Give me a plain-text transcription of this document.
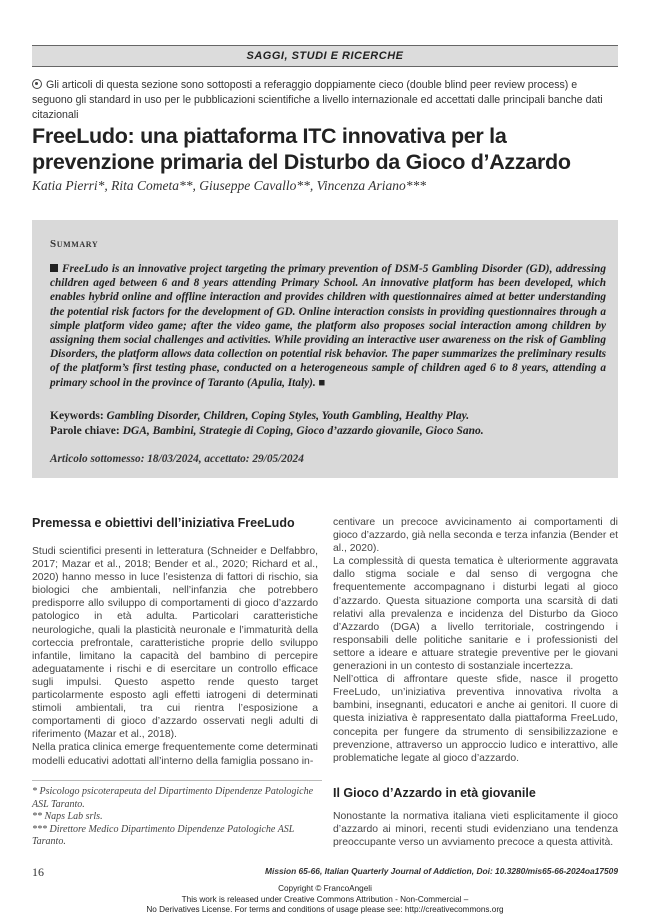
SAGGI, STUDI E RICERCHE
Gli articoli di questa sezione sono sottoposti a referaggio doppiamente cieco (double blind peer review process) e seguono gli standard in uso per le pubblicazioni scientifiche a livello internazionale ed accettati dalle principali banche dati citazionali
FreeLudo: una piattaforma ITC innovativa per la prevenzione primaria del Disturbo da Gioco d’Azzardo
Katia Pierri*, Rita Cometa**, Giuseppe Cavallo**, Vincenza Ariano***
Summary
FreeLudo is an innovative project targeting the primary prevention of DSM-5 Gambling Disorder (GD), addressing children aged between 6 and 8 years attending Primary School. An innovative platform has been developed, which enables hybrid online and offline interaction and provides children with questionnaires aimed at better understanding the potential risk factors for the development of GD. Online interaction consists in providing questionnaires through a simple platform video game; after the video game, the platform also proposes social interaction among children by assigning them social challenges and activities. While providing an interactive user awareness on the risk of Gambling Disorders, the platform allows data collection on potential risk behavior. The paper summarizes the preliminary results of the platform’s first testing phase, conducted on a heterogeneous sample of children aged 6 to 8 years, attending a primary school in the province of Taranto (Apulia, Italy). ■
Keywords: Gambling Disorder, Children, Coping Styles, Youth Gambling, Healthy Play.
Parole chiave: DGA, Bambini, Strategie di Coping, Gioco d’azzardo giovanile, Gioco Sano.
Articolo sottomesso: 18/03/2024, accettato: 29/05/2024
Premessa e obiettivi dell’iniziativa FreeLudo

Studi scientifici presenti in letteratura (Schneider e Delfabbro, 2017; Mazar et al., 2018; Bender et al., 2020; Richard et al., 2020) hanno messo in luce l’esistenza di fattori di rischio, sia biologici che ambientali, nell’infanzia che potrebbero predisporre allo sviluppo di comportamenti di gioco d’azzardo patologico in età adulta. Particolari caratteristiche neurologiche, quali la plasticità neuronale e l’immaturità della corteccia prefrontale, caratteristiche proprie dello sviluppo infantile, limitano la capacità del bambino di percepire adeguatamente i rischi e di esercitare un controllo efficace sugli impulsi. Questo aspetto rende questo target particolarmente esposto agli effetti iatrogeni di determinati stimoli ambientali, tra cui rientra l’esposizione a comportamenti di gioco d’azzardo osservati negli adulti di riferimento (Mazar et al., 2018).

Nella pratica clinica emerge frequentemente come determinati modelli educativi adottati all’interno della famiglia possano in-

* Psicologo psicoterapeuta del Dipartimento Dipendenze Patologiche ASL Taranto.
** Naps Lab srls.
*** Direttore Medico Dipartimento Dipendenze Patologiche ASL Taranto.

centivare un precoce avvicinamento ai comportamenti di gioco d’azzardo, già nella seconda e terza infanzia (Bender et al., 2020).

La complessità di questa tematica è ulteriormente aggravata dallo stigma sociale e dal senso di vergogna che frequentemente accompagnano i disturbi legati al gioco d’azzardo. Questa situazione comporta una scarsità di dati relativi alla prevalenza e incidenza del Disturbo da Gioco d’Azzardo (DGA) a livello territoriale, costringendo i responsabili delle politiche sanitarie e i professionisti del settore a ideare e attuare strategie preventive per le giovani generazioni in un contesto di sostanziale incertezza.

Nell’ottica di affrontare queste sfide, nasce il progetto FreeLudo, un’iniziativa preventiva innovativa rivolta a bambini, insegnanti, educatori e anche ai genitori. Il cuore di questa iniziativa è rappresentato dalla piattaforma FreeLudo, concepita per fungere da strumento di sensibilizzazione e prevenzione, attraverso un approccio ludico e interattivo, alle problematiche legate al gioco d’azzardo.

Il Gioco d’Azzardo in età giovanile

Nonostante la normativa italiana vieti esplicitamente il gioco d’azzardo ai minori, recenti studi evidenziano una tendenza preoccupante verso un avviamento precoce a questa attività.

16	Mission 65-66, Italian Quarterly Journal of Addiction, Doi: 10.3280/mis65-66-2024oa17509
Copyright © FrancoAngeli
This work is released under Creative Commons Attribution - Non-Commercial –
No Derivatives License. For terms and conditions of usage please see: http://creativecommons.org
